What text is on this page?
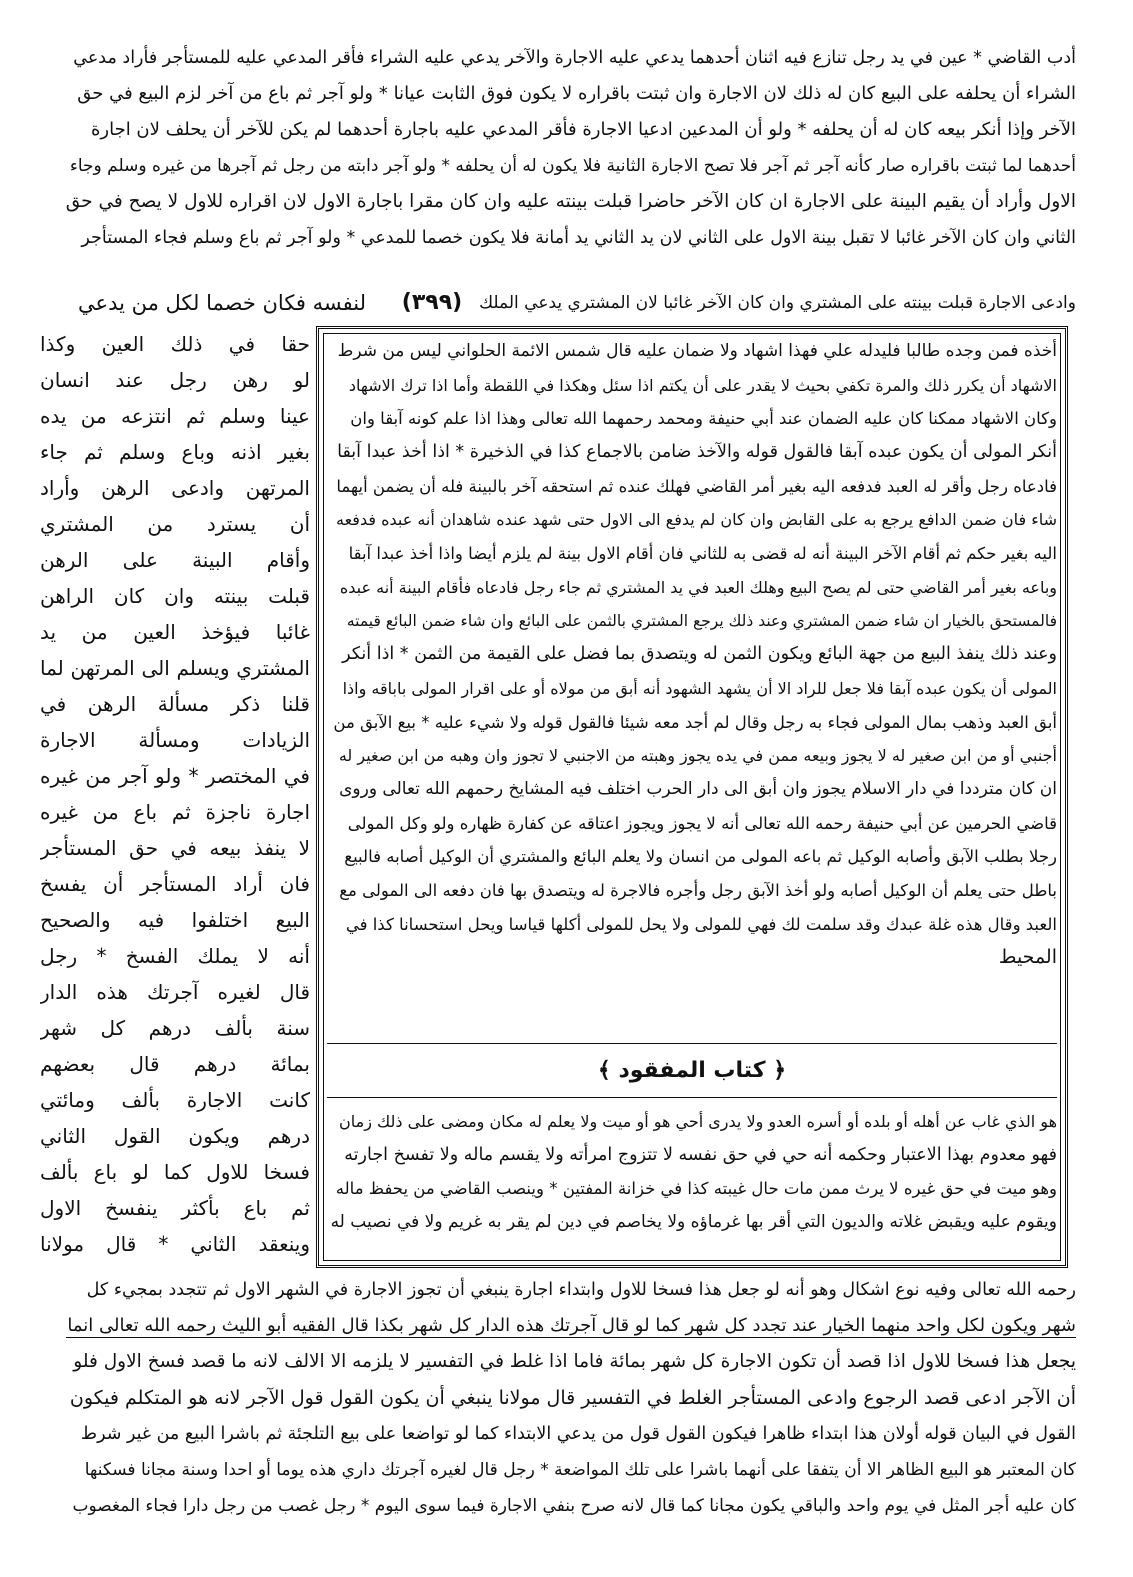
أدب القاضي * عين في يد رجل تنازع فيه اثنان أحدهما يدعي عليه الاجارة والآخر يدعي عليه الشراء فأقر المدعي عليه للمستأجر فأراد مدعي
الشراء أن يحلفه على البيع كان له ذلك لان الاجارة وان ثبتت باقراره لا يكون فوق الثابت عيانا * ولو آجر ثم باع من آخر لزم البيع في حق
الآخر وإذا أنكر بيعه كان له أن يحلفه * ولو أن المدعين ادعيا الاجارة فأقر المدعي عليه باجارة أحدهما لم يكن للآخر أن يحلف لان اجارة
أحدهما لما ثبتت باقراره صار كأنه آجر ثم آجر فلا تصح الاجارة الثانية فلا يكون له أن يحلفه * ولو آجر دابته من رجل ثم آجرها من غيره وسلم وجاء
الاول وأراد أن يقيم البينة على الاجارة ان كان الآخر حاضرا قبلت بينته عليه وان كان مقرا باجارة الاول لان اقراره للاول لا يصح في حق
الثاني وان كان الآخر غائبا لا تقبل بينة الاول على الثاني لان يد الثاني يد أمانة فلا يكون خصما للمدعي * ولو آجر ثم باع وسلم فجاء المستأجر
وادعى الاجارة قبلت بينته على المشتري وان كان الآخر غائبا لان المشتري يدعي الملك
(٣٩٩)
لنفسه فكان خصما لكل من يدعي
حقا في ذلك العين وكذا
لو رهن رجل عند انسان
عينا وسلم ثم انتزعه من يده
بغير اذنه وباع وسلم ثم جاء
المرتهن وادعى الرهن وأراد
أن يسترد من المشتري
وأقام البينة على الرهن
قبلت بينته وان كان الراهن
غائبا فيؤخذ العين من يد
المشتري ويسلم الى المرتهن لما
قلنا ذكر مسألة الرهن في
الزيادات ومسألة الاجارة
في المختصر * ولو آجر من غيره
اجارة ناجزة ثم باع من غيره
لا ينفذ بيعه في حق المستأجر
فان أراد المستأجر أن يفسخ
البيع اختلفوا فيه والصحيح
أنه لا يملك الفسخ * رجل
قال لغيره آجرتك هذه الدار
سنة بألف درهم كل شهر
بمائة درهم قال بعضهم
كانت الاجارة بألف ومائتي
درهم ويكون القول الثاني
فسخا للاول كما لو باع بألف
ثم باع بأكثر ينفسخ الاول
وينعقد الثاني * قال مولانا
أخذه فمن وجده طالبا فليدله علي فهذا اشهاد ولا ضمان عليه قال شمس الائمة الحلواني ليس من شرط
الاشهاد أن يكرر ذلك والمرة تكفي بحيث لا يقدر على أن يكتم اذا سئل وهكذا في اللقطة وأما اذا ترك الاشهاد
وكان الاشهاد ممكنا كان عليه الضمان عند أبي حنيفة ومحمد رحمهما الله تعالى وهذا اذا علم كونه آبقا وان
أنكر المولى أن يكون عبده آبقا فالقول قوله والآخذ ضامن بالاجماع كذا في الذخيرة * اذا أخذ عبدا آبقا
فادعاه رجل وأقر له العبد فدفعه اليه بغير أمر القاضي فهلك عنده ثم استحقه آخر بالبينة فله أن يضمن أيهما
شاء فان ضمن الدافع يرجع به على القابض وان كان لم يدفع الى الاول حتى شهد عنده شاهدان أنه عبده فدفعه
اليه بغير حكم ثم أقام الآخر البينة أنه له قضى به للثاني فان أقام الاول بينة لم يلزم أيضا واذا أخذ عبدا آبقا
وباعه بغير أمر القاضي حتى لم يصح البيع وهلك العبد في يد المشتري ثم جاء رجل فادعاه فأقام البينة أنه عبده
فالمستحق بالخيار ان شاء ضمن المشتري وعند ذلك يرجع المشتري بالثمن على البائع وان شاء ضمن البائع قيمته
وعند ذلك ينفذ البيع من جهة البائع ويكون الثمن له ويتصدق بما فضل على القيمة من الثمن * اذا أنكر
المولى أن يكون عبده آبقا فلا جعل للراد الا أن يشهد الشهود أنه أبق من مولاه أو على اقرار المولى باباقه واذا
أبق العبد وذهب بمال المولى فجاء به رجل وقال لم أجد معه شيئا فالقول قوله ولا شيء عليه * بيع الآبق من
أجنبي أو من ابن صغير له لا يجوز وبيعه ممن في يده يجوز وهبته من الاجنبي لا تجوز وان وهبه من ابن صغير له
ان كان مترددا في دار الاسلام يجوز وان أبق الى دار الحرب اختلف فيه المشايخ رحمهم الله تعالى وروى
قاضي الحرمين عن أبي حنيفة رحمه الله تعالى أنه لا يجوز ويجوز اعتاقه عن كفارة ظهاره ولو وكل المولى
رجلا بطلب الآبق وأصابه الوكيل ثم باعه المولى من انسان ولا يعلم البائع والمشتري أن الوكيل أصابه فالبيع
باطل حتى يعلم أن الوكيل أصابه ولو أخذ الآبق رجل وأجره فالاجرة له ويتصدق بها فان دفعه الى المولى مع
العبد وقال هذه غلة عبدك وقد سلمت لك فهي للمولى ولا يحل للمولى أكلها قياسا ويحل استحسانا كذا في
المحيط
﴿ كتاب المفقود ﴾
هو الذي غاب عن أهله أو بلده أو أسره العدو ولا يدرى أحي هو أو ميت ولا يعلم له مكان ومضى على ذلك زمان
فهو معدوم بهذا الاعتبار وحكمه أنه حي في حق نفسه لا تتزوج امرأته ولا يقسم ماله ولا تفسخ اجارته
وهو ميت في حق غيره لا يرث ممن مات حال غيبته كذا في خزانة المفتين * وينصب القاضي من يحفظ ماله
ويقوم عليه ويقبض غلاته والديون التي أقر بها غرماؤه ولا يخاصم في دين لم يقر به غريم ولا في نصيب له
رحمه الله تعالى وفيه نوع اشكال وهو أنه لو جعل هذا فسخا للاول وابتداء اجارة ينبغي أن تجوز الاجارة في الشهر الاول ثم تتجدد بمجيء كل
شهر ويكون لكل واحد منهما الخيار عند تجدد كل شهر كما لو قال آجرتك هذه الدار كل شهر بكذا قال الفقيه أبو الليث رحمه الله تعالى انما
يجعل هذا فسخا للاول اذا قصد أن تكون الاجارة كل شهر بمائة فاما اذا غلط في التفسير لا يلزمه الا الالف لانه ما قصد فسخ الاول فلو
أن الآجر ادعى قصد الرجوع وادعى المستأجر الغلط في التفسير قال مولانا ينبغي أن يكون القول قول الآجر لانه هو المتكلم فيكون
القول في البيان قوله أولان هذا ابتداء ظاهرا فيكون القول قول من يدعي الابتداء كما لو تواضعا على بيع التلجئة ثم باشرا البيع من غير شرط
كان المعتبر هو البيع الظاهر الا أن يتفقا على أنهما باشرا على تلك المواضعة * رجل قال لغيره آجرتك داري هذه يوما أو احدا وسنة مجانا فسكنها
كان عليه أجر المثل في يوم واحد والباقي يكون مجانا كما قال لانه صرح بنفي الاجارة فيما سوى اليوم * رجل غصب من رجل دارا فجاء المغصوب
